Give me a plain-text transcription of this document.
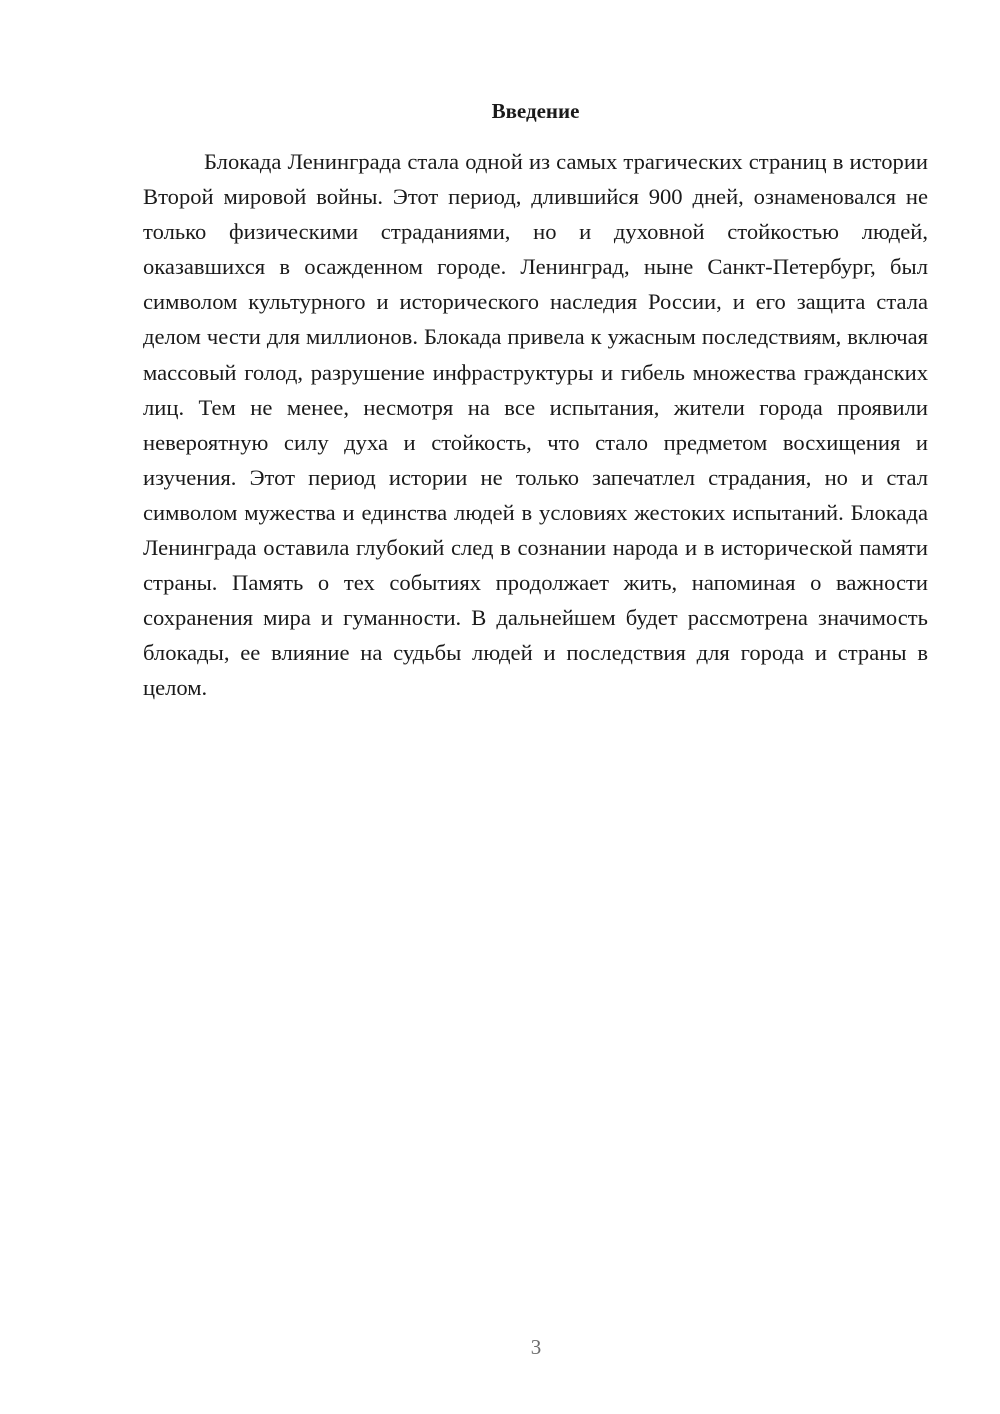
Введение

Блокада Ленинграда стала одной из самых трагических страниц в истории Второй мировой войны. Этот период, длившийся 900 дней, ознаменовался не только физическими страданиями, но и духовной стойкостью людей, оказавшихся в осажденном городе. Ленинград, ныне Санкт-Петербург, был символом культурного и исторического наследия России, и его защита стала делом чести для миллионов. Блокада привела к ужасным последствиям, включая массовый голод, разрушение инфраструктуры и гибель множества гражданских лиц. Тем не менее, несмотря на все испытания, жители города проявили невероятную силу духа и стойкость, что стало предметом восхищения и изучения. Этот период истории не только запечатлел страдания, но и стал символом мужества и единства людей в условиях жестоких испытаний. Блокада Ленинграда оставила глубокий след в сознании народа и в исторической памяти страны. Память о тех событиях продолжает жить, напоминая о важности сохранения мира и гуманности. В дальнейшем будет рассмотрена значимость блокады, ее влияние на судьбы людей и последствия для города и страны в целом.

3
